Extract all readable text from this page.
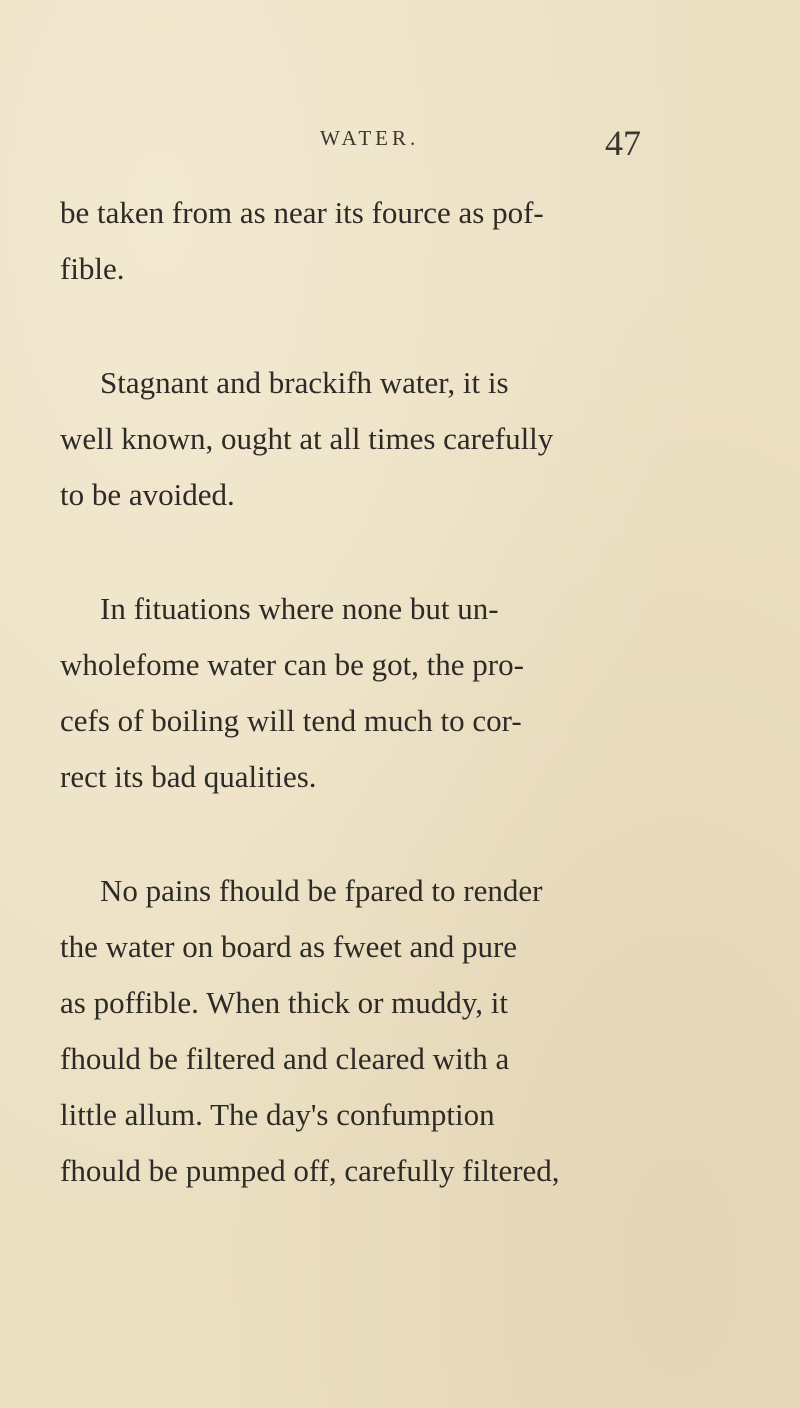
WATER.	47

be taken from as near its fource as pof-
fible.

Stagnant and brackifh water, it is
well known, ought at all times carefully
to be avoided.

In fituations where none but un-
wholefome water can be got, the pro-
cefs of boiling will tend much to cor-
rect its bad qualities.

No pains fhould be fpared to render
the water on board as fweet and pure
as poffible. When thick or muddy, it
fhould be filtered and cleared with a
little allum. The day's confumption
fhould be pumped off, carefully filtered,
